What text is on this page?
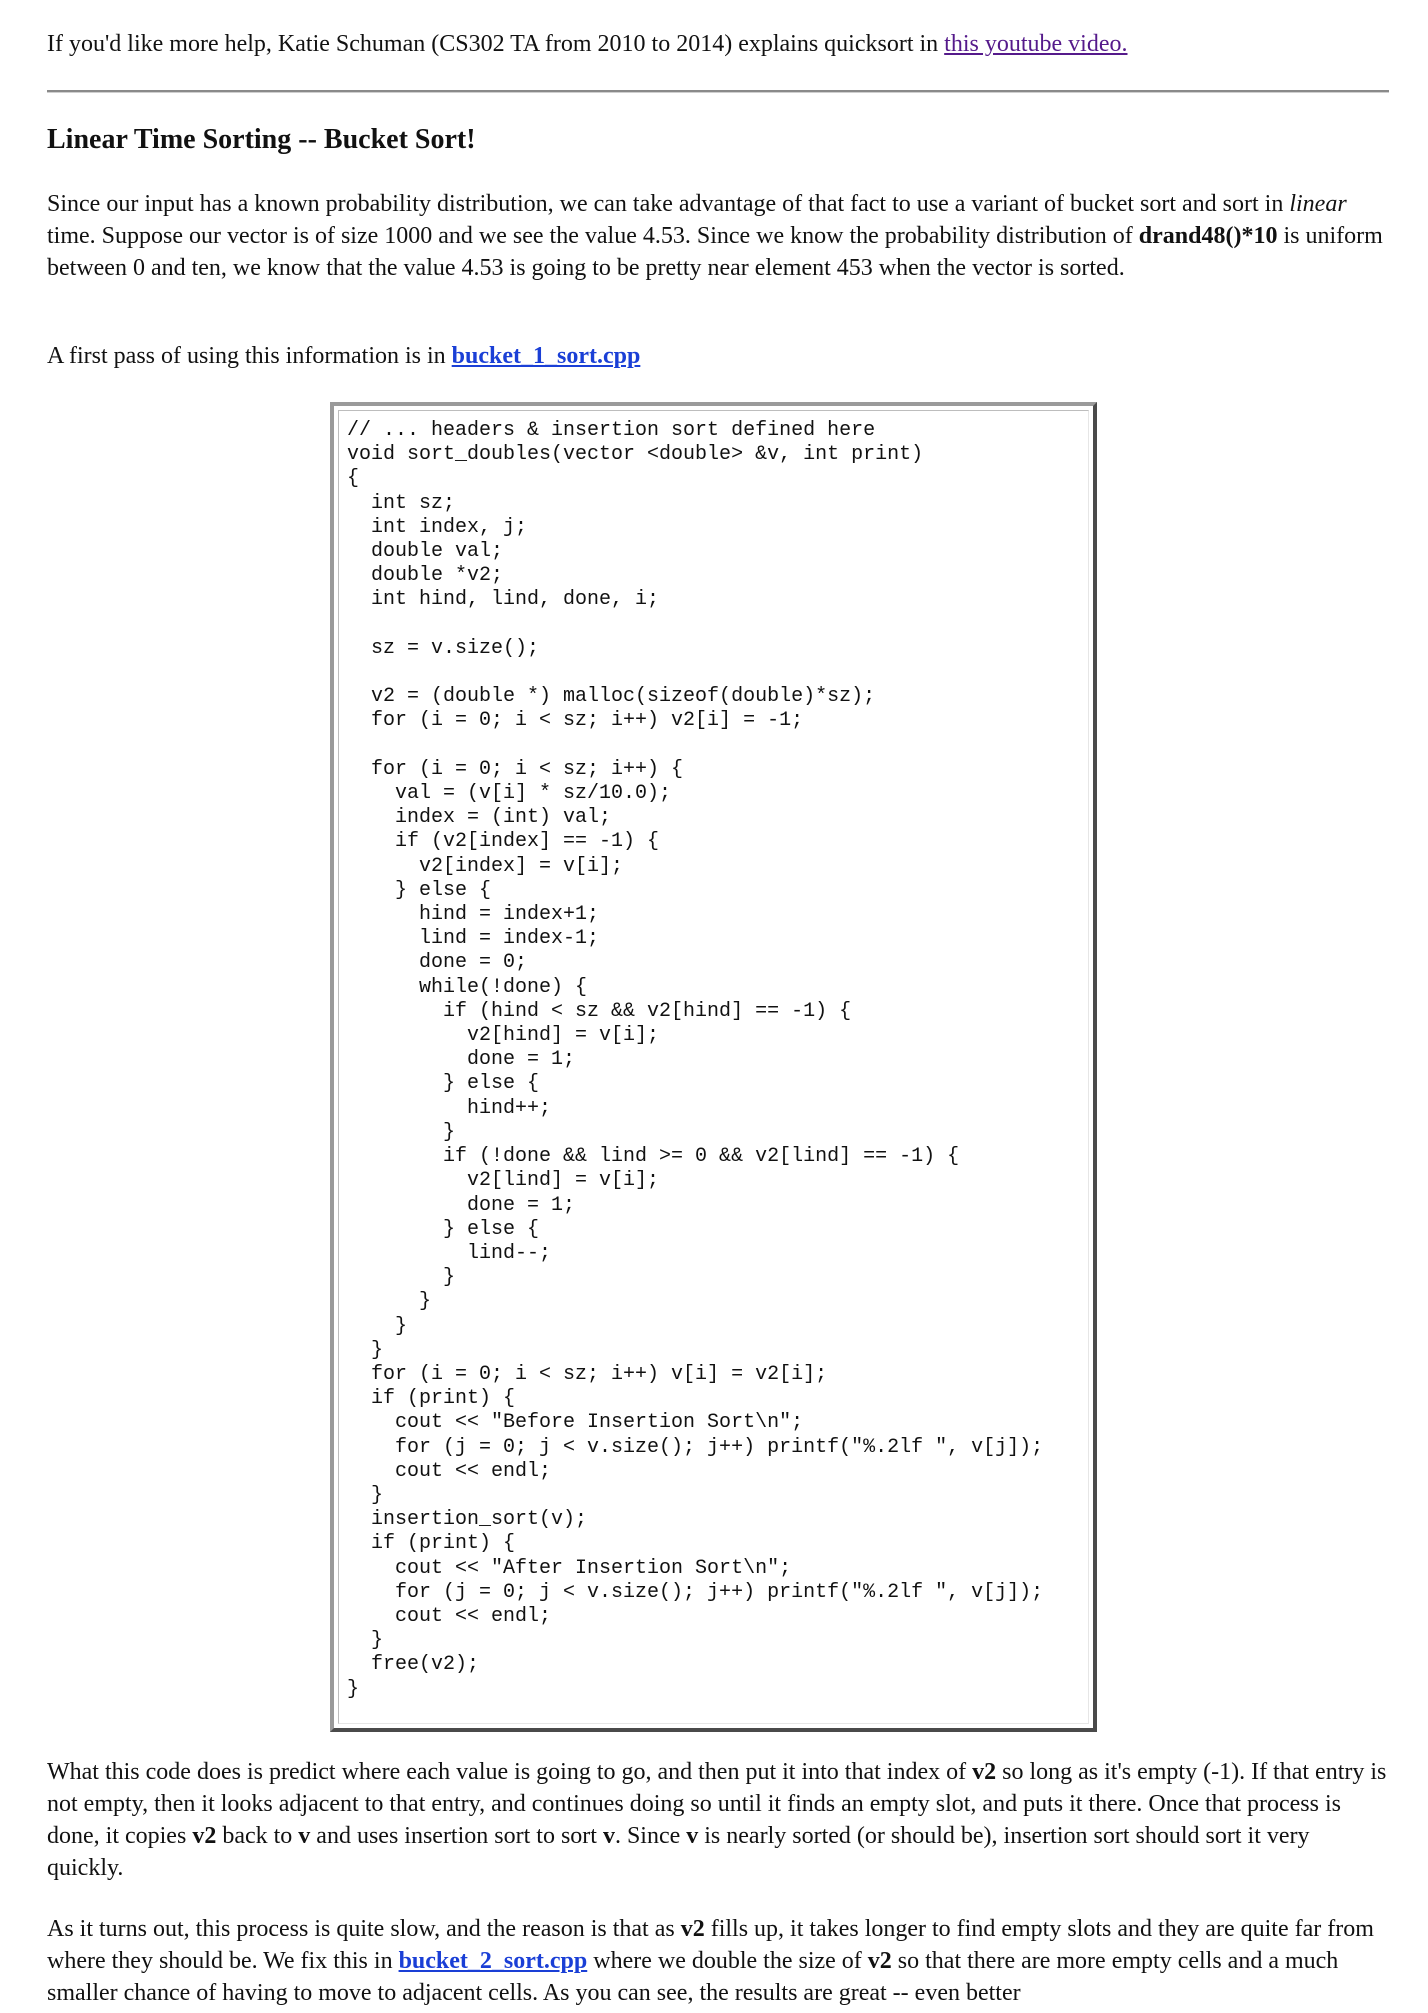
If you'd like more help, Katie Schuman (CS302 TA from 2010 to 2014) explains quicksort in this youtube video.

Linear Time Sorting -- Bucket Sort!

Since our input has a known probability distribution, we can take advantage of that fact to use a variant of bucket sort and sort in linear time. Suppose our vector is of size 1000 and we see the value 4.53. Since we know the probability distribution of drand48()*10 is uniform between 0 and ten, we know that the value 4.53 is going to be pretty near element 453 when the vector is sorted.

A first pass of using this information is in bucket_1_sort.cpp

// ... headers & insertion sort defined here
void sort_doubles(vector <double> &v, int print)
{
int sz;
int index, j;
double val;
double *v2;
int hind, lind, done, i;

sz = v.size();

v2 = (double *) malloc(sizeof(double)*sz);
for (i = 0; i < sz; i++) v2[i] = -1;

for (i = 0; i < sz; i++) {
val = (v[i] * sz/10.0);
index = (int) val;
if (v2[index] == -1) {
v2[index] = v[i];
} else {
hind = index+1;
lind = index-1;
done = 0;
while(!done) {
if (hind < sz && v2[hind] == -1) {
v2[hind] = v[i];
done = 1;
} else {
hind++;
}
if (!done && lind >= 0 && v2[lind] == -1) {
v2[lind] = v[i];
done = 1;
} else {
lind--;
}
}
}
}
for (i = 0; i < sz; i++) v[i] = v2[i];
if (print) {
cout << "Before Insertion Sort\n";
for (j = 0; j < v.size(); j++) printf("%.2lf ", v[j]);
cout << endl;
}
insertion_sort(v);
if (print) {
cout << "After Insertion Sort\n";
for (j = 0; j < v.size(); j++) printf("%.2lf ", v[j]);
cout << endl;
}
free(v2);
}

What this code does is predict where each value is going to go, and then put it into that index of v2 so long as it's empty (-1). If that entry is not empty, then it looks adjacent to that entry, and continues doing so until it finds an empty slot, and puts it there. Once that process is done, it copies v2 back to v and uses insertion sort to sort v. Since v is nearly sorted (or should be), insertion sort should sort it very quickly.

As it turns out, this process is quite slow, and the reason is that as v2 fills up, it takes longer to find empty slots and they are quite far from where they should be. We fix this in bucket_2_sort.cpp where we double the size of v2 so that there are more empty cells and a much smaller chance of having to move to adjacent cells. As you can see, the results are great -- even better
